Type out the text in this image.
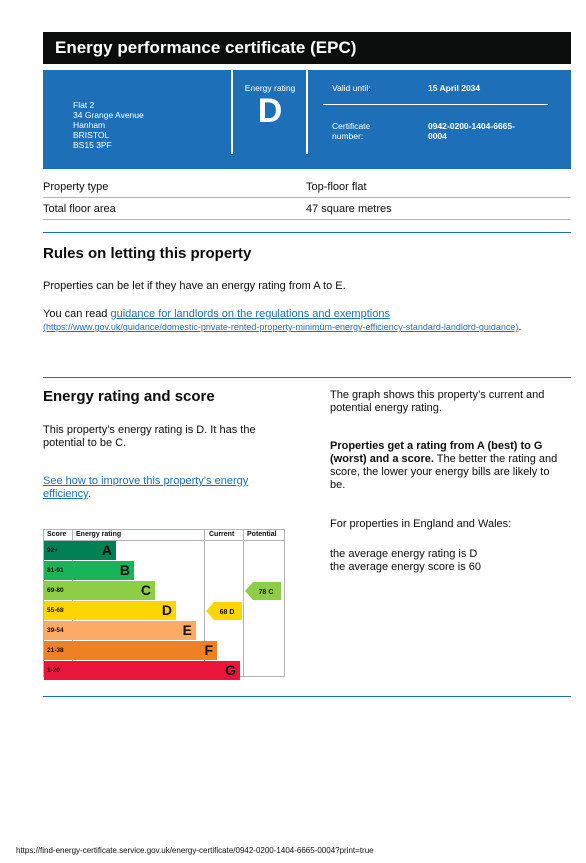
Energy performance certificate (EPC)
Flat 2
34 Grange Avenue
Hanham
BRISTOL
BS15 3PF
Energy rating
D
Valid until:	15 April 2034
Certificate
number:
0942-0200-1404-6665-
0004
Property type	Top-floor flat
Total floor area	47 square metres
Rules on letting this property
Properties can be let if they have an energy rating from A to E.
You can read guidance for landlords on the regulations and exemptions
(https://www.gov.uk/guidance/domestic-private-rented-property-minimum-energy-efficiency-standard-landlord-guidance).
Energy rating and score
This property’s energy rating is D. It has the potential to be C.
See how to improve this property’s energy efficiency.
The graph shows this property’s current and potential energy rating.
Properties get a rating from A (best) to G (worst) and a score. The better the rating and score, the lower your energy bills are likely to be.
For properties in England and Wales:
the average energy rating is D
the average energy score is 60
Score Energy rating	Current Potential
92+	A
81-91	B
69-80	C
55-68	D
39-54	E
21-38	F
1-20	G
68 D
78 C
https://find-energy-certificate.service.gov.uk/energy-certificate/0942-0200-1404-6665-0004?print=true
